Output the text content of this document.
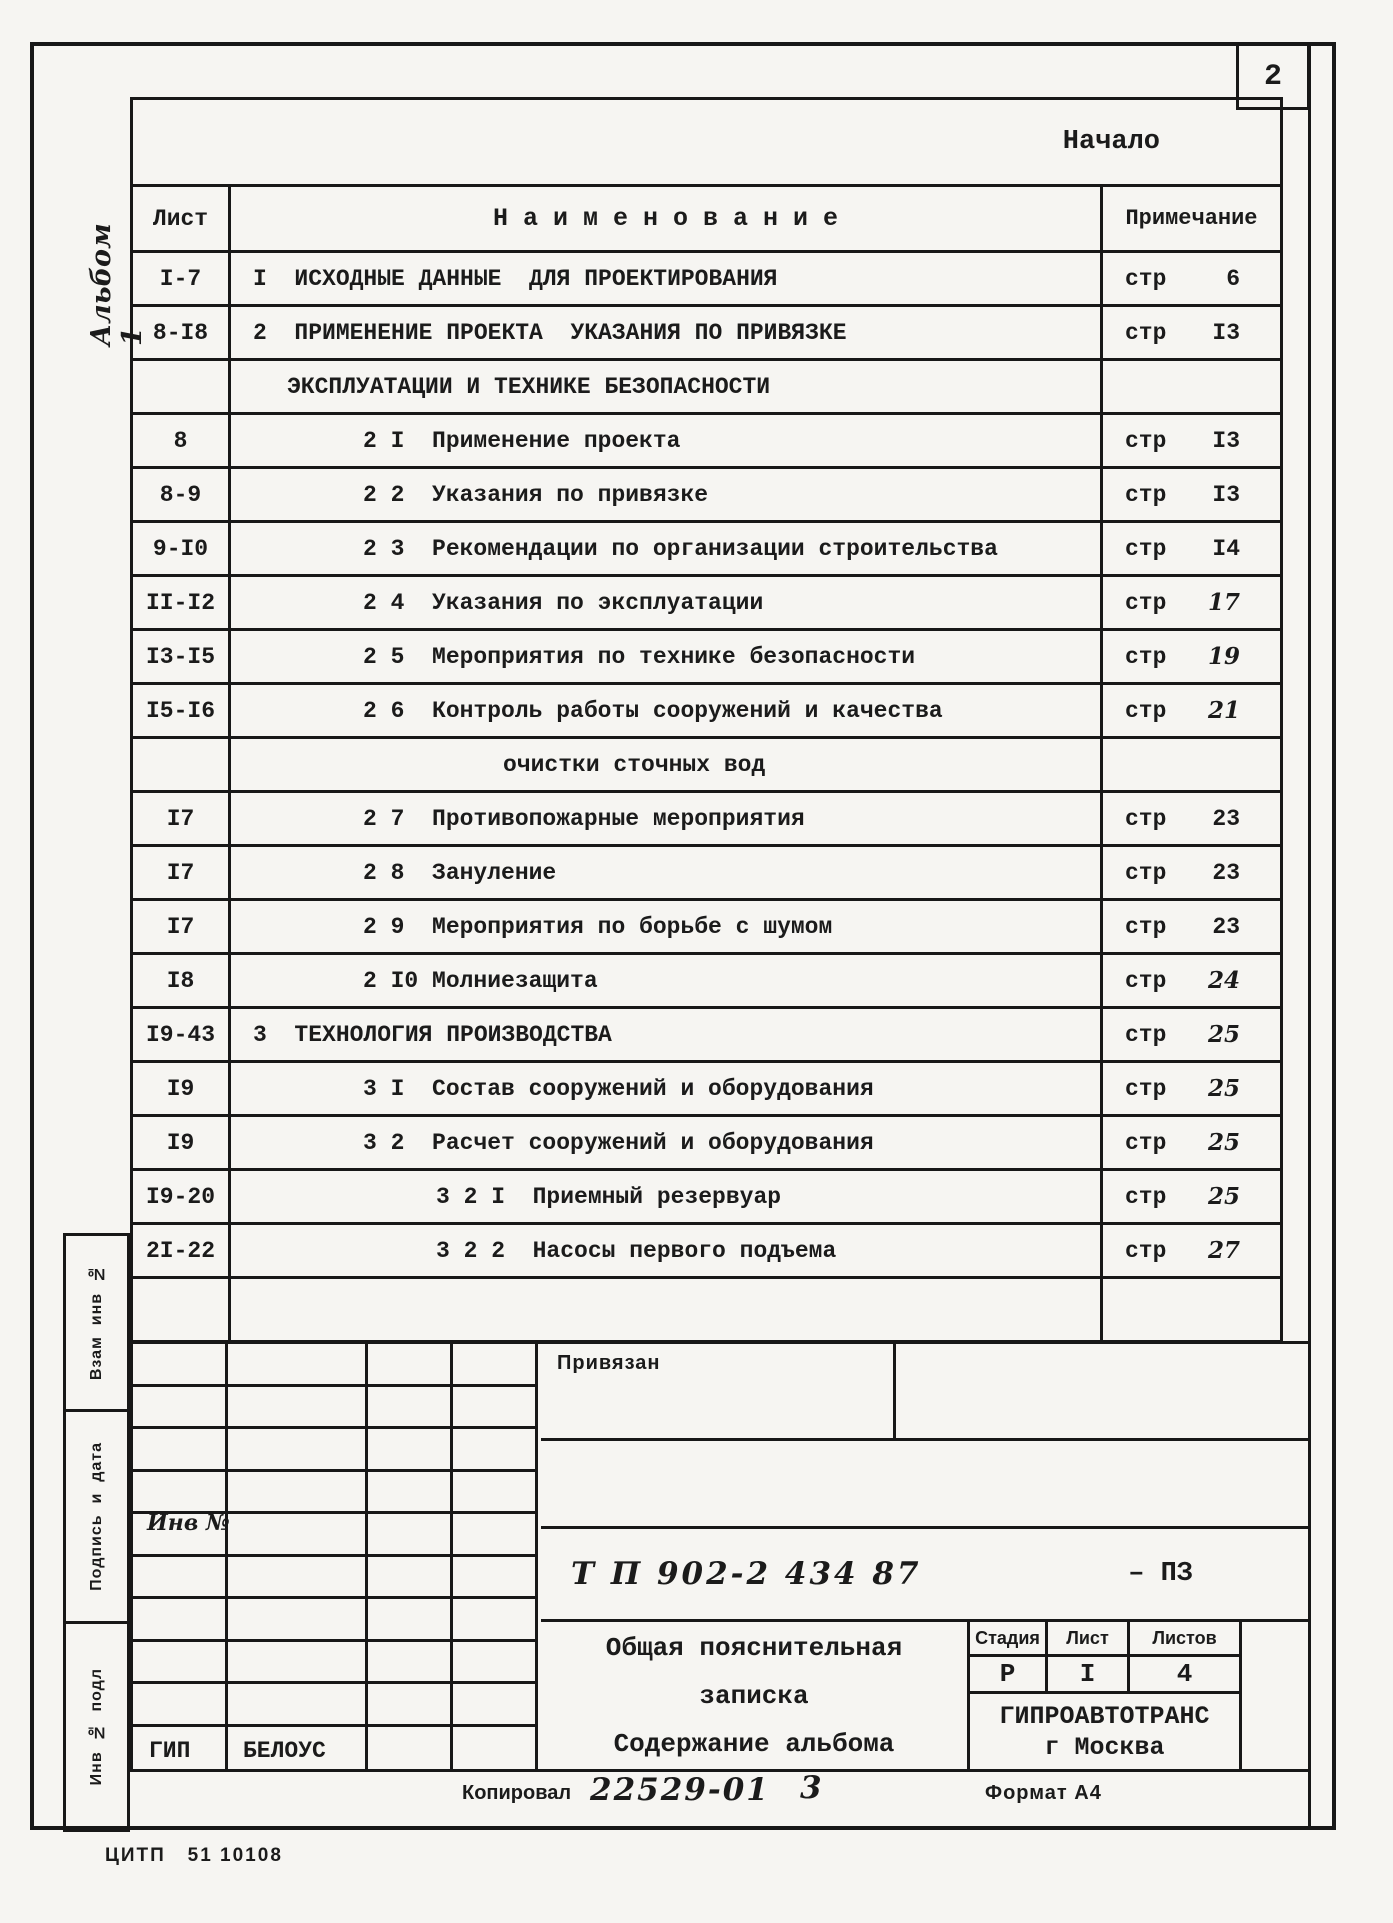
2
Альбом 1
Начало
Лист	Н а и м е н о в а н и е	Примечание
I-7	I  ИСХОДНЫЕ ДАННЫЕ  ДЛЯ ПРОЕКТИРОВАНИЯ	стр	6
8-I8	2  ПРИМЕНЕНИЕ ПРОЕКТА  УКАЗАНИЯ ПО ПРИВЯЗКЕ	стр I3
ЭКСПЛУАТАЦИИ И ТЕХНИКЕ БЕЗОПАСНОСТИ
8	2 I  Применение проекта	стр I3
8-9	2 2  Указания по привязке	стр I3
9-I0	2 3  Рекомендации по организации строительства	стр I4
II-I2	2 4  Указания по эксплуатации	стр 17
I3-I5	2 5  Мероприятия по технике безопасности	стр 19
I5-I6	2 6  Контроль работы сооружений и качества	стр 21
очистки сточных вод
I7	2 7  Противопожарные мероприятия	стр 23
I7	2 8  Зануление	стр 23
I7	2 9  Мероприятия по борьбе с шумом	стр 23
I8	2 I0 Молниезащита	стр 24
I9-43	3  ТЕХНОЛОГИЯ ПРОИЗВОДСТВА	стр 25
I9	3 I  Состав сооружений и оборудования	стр 25
I9	3 2  Расчет сооружений и оборудования	стр 25
I9-20	3 2 I  Приемный резервуар	стр 25
2I-22	3 2 2  Насосы первого подъема	стр 27
Взам  инв  №
Подпись  и  дата
Инв  №  подл
Инв №
ГИП БЕЛОУС
Привязан
Т П 902-2 434 87	– ПЗ
Общая пояснительная
записка
Содержание альбома
Стадия	Лист	Листов
Р	I	4
ГИПРОАВТОТРАНС
г Москва
Копировал 22529-01 3	Формат А4
ЦИТП   51 10108
